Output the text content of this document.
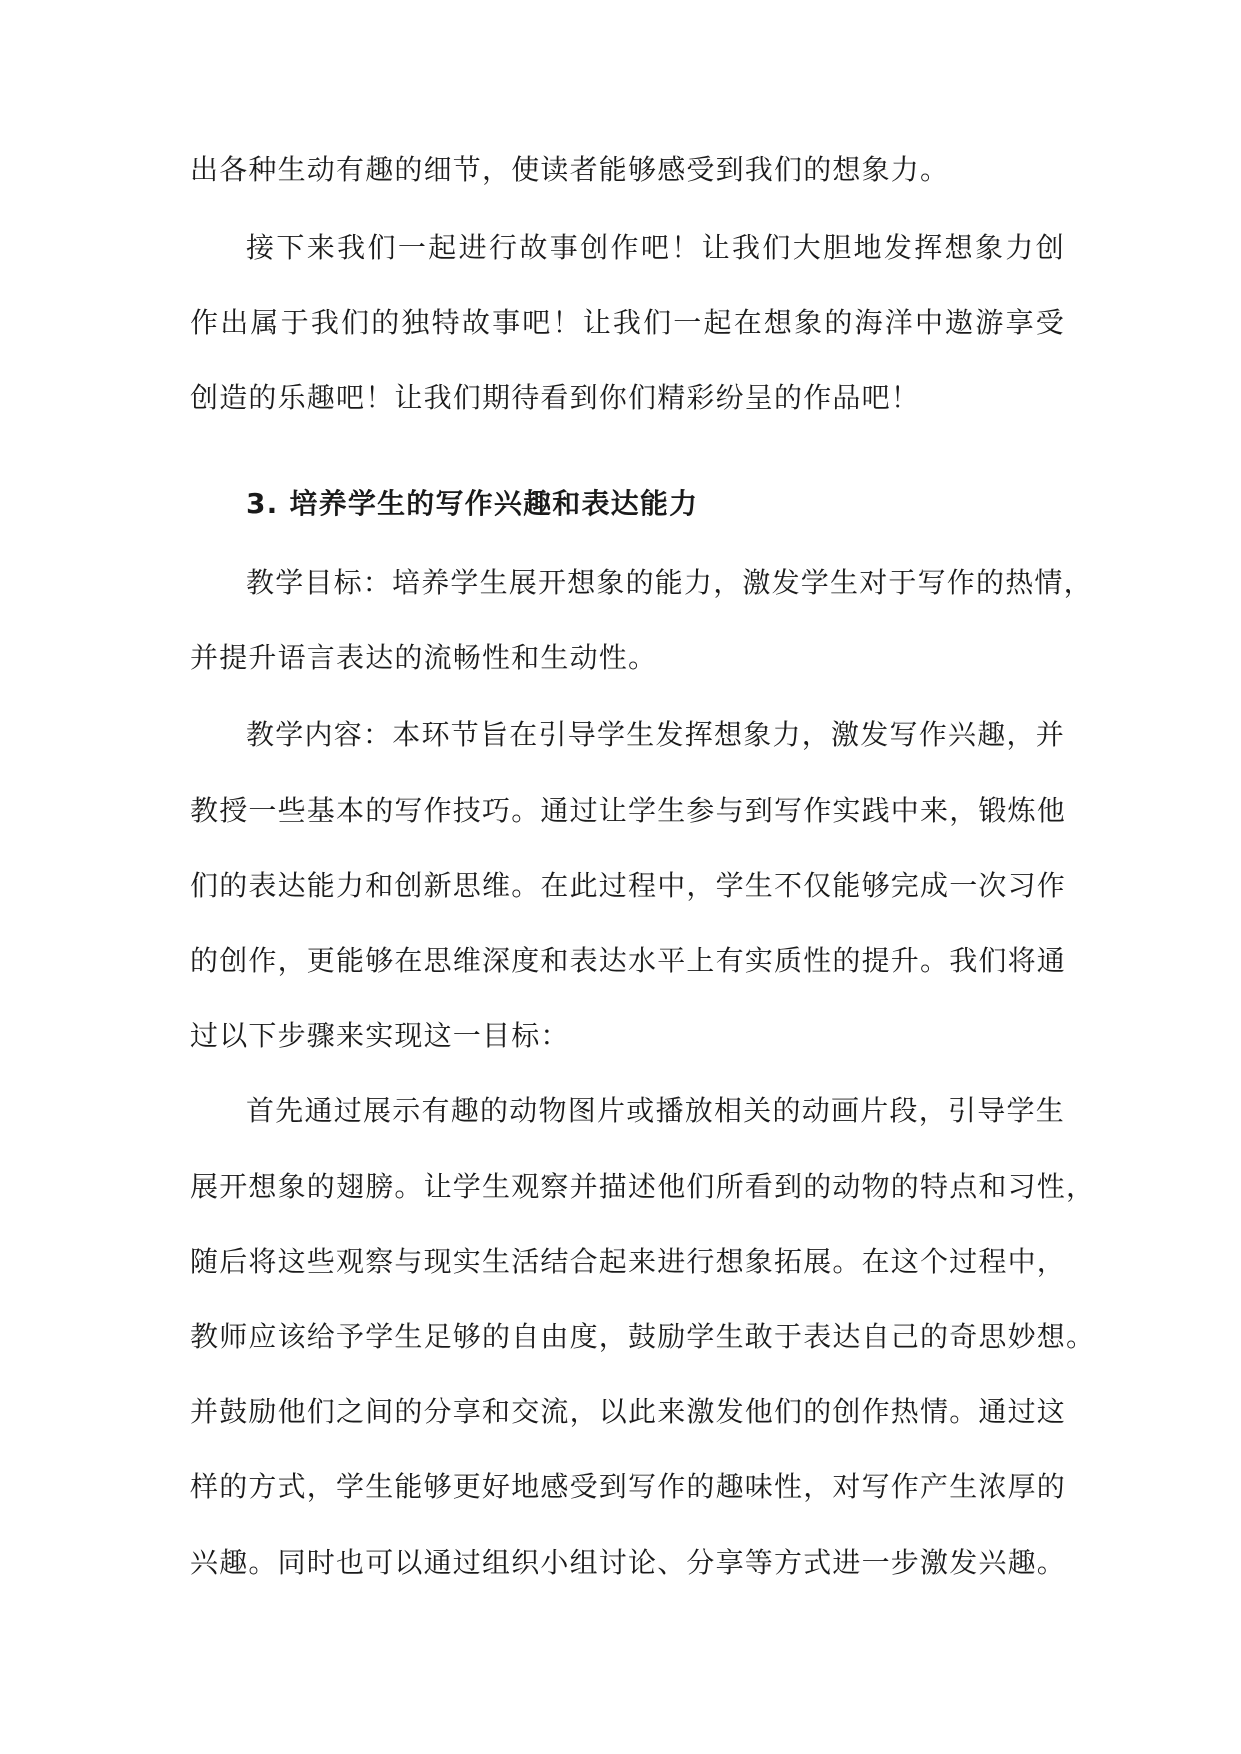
出各种生动有趣的细节，使读者能够感受到我们的想象力。
接下来我们一起进行故事创作吧！让我们大胆地发挥想象力创
作出属于我们的独特故事吧！让我们一起在想象的海洋中遨游享受
创造的乐趣吧！让我们期待看到你们精彩纷呈的作品吧！
3. 培养学生的写作兴趣和表达能力
教学目标：培养学生展开想象的能力，激发学生对于写作的热情，
并提升语言表达的流畅性和生动性。
教学内容：本环节旨在引导学生发挥想象力，激发写作兴趣，并
教授一些基本的写作技巧。通过让学生参与到写作实践中来，锻炼他
们的表达能力和创新思维。在此过程中，学生不仅能够完成一次习作
的创作，更能够在思维深度和表达水平上有实质性的提升。我们将通
过以下步骤来实现这一目标：
首先通过展示有趣的动物图片或播放相关的动画片段，引导学生
展开想象的翅膀。让学生观察并描述他们所看到的动物的特点和习性，
随后将这些观察与现实生活结合起来进行想象拓展。在这个过程中，
教师应该给予学生足够的自由度，鼓励学生敢于表达自己的奇思妙想。
并鼓励他们之间的分享和交流，以此来激发他们的创作热情。通过这
样的方式，学生能够更好地感受到写作的趣味性，对写作产生浓厚的
兴趣。同时也可以通过组织小组讨论、分享等方式进一步激发兴趣。
